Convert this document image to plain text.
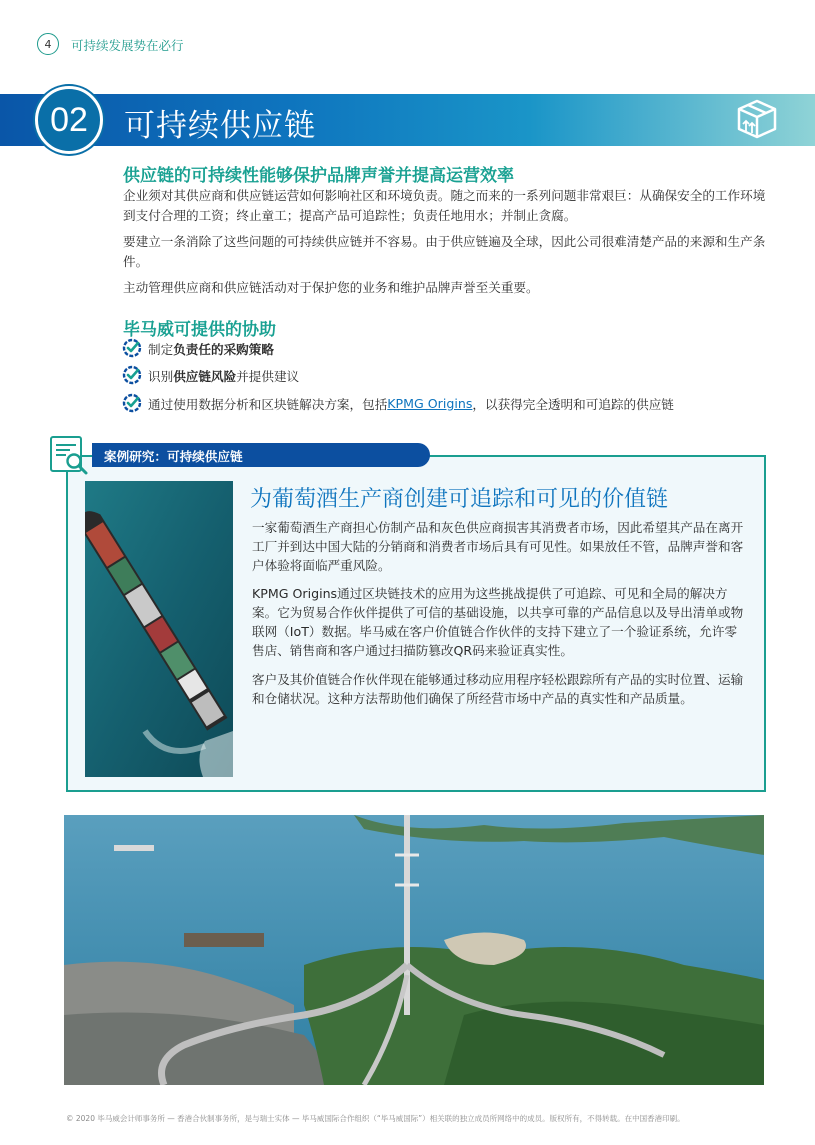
4	可持续发展势在必行
02	可持续供应链
供应链的可持续性能够保护品牌声誉并提高运营效率
企业须对其供应商和供应链运营如何影响社区和环境负责。随之而来的一系列问题非常艰巨：从确保安全的工作环境到支付合理的工资；终止童工；提高产品可追踪性；负责任地用水；并制止贪腐。
要建立一条消除了这些问题的可持续供应链并不容易。由于供应链遍及全球，因此公司很难清楚产品的来源和生产条件。
主动管理供应商和供应链活动对于保护您的业务和维护品牌声誉至关重要。
毕马威可提供的协助
制定 负责任的采购策略
识别 供应链风险 并提供建议
通过使用数据分析和区块链解决方案，包括 KPMG Origins ，以获得完全透明和可追踪的供应链
案例研究：可持续供应链
为葡萄酒生产商创建可追踪和可见的价值链
一家葡萄酒生产商担心仿制产品和灰色供应商损害其消费者市场，因此希望其产品在离开工厂并到达中国大陆的分销商和消费者市场后具有可见性。如果放任不管，品牌声誉和客户体验将面临严重风险。
KPMG Origins通过区块链技术的应用为这些挑战提供了可追踪、可见和全局的解决方案。它为贸易合作伙伴提供了可信的基础设施，以共享可靠的产品信息以及导出清单或物联网（IoT）数据。毕马威在客户价值链合作伙伴的支持下建立了一个验证系统，允许零售店、销售商和客户通过扫描防篡改QR码来验证真实性。
客户及其价值链合作伙伴现在能够通过移动应用程序轻松跟踪所有产品的实时位置、运输和仓储状况。这种方法帮助他们确保了所经营市场中产品的真实性和产品质量。
© 2020 毕马威会计师事务所 — 香港合伙制事务所，是与瑞士实体 — 毕马威国际合作组织（“毕马威国际”）相关联的独立成员所网络中的成员。版权所有，不得转载。在中国香港印刷。
